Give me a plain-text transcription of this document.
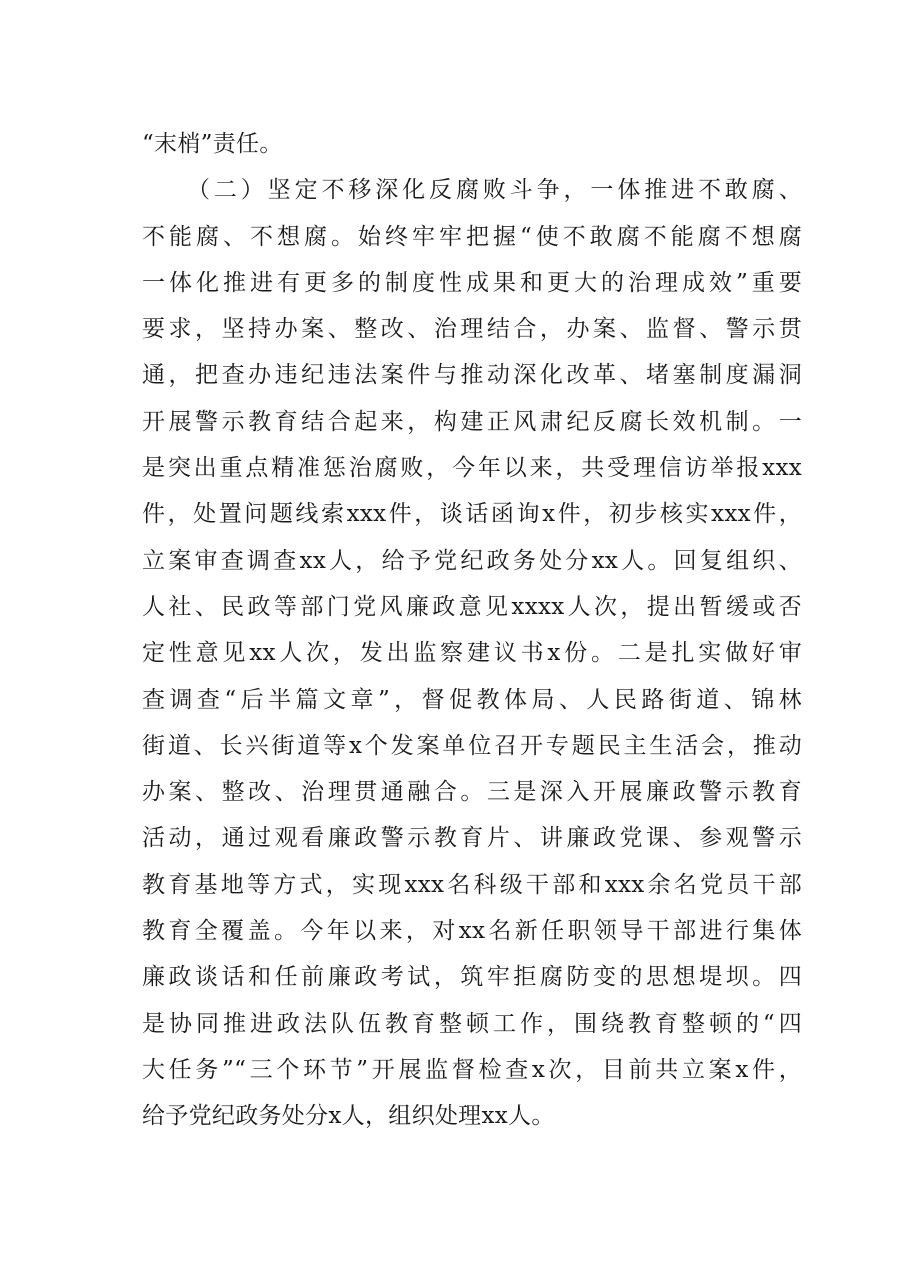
“末梢”责任。
（二）坚定不移深化反腐败斗争，一体推进不敢腐、
不能腐、不想腐。始终牢牢把握“使不敢腐不能腐不想腐
一体化推进有更多的制度性成果和更大的治理成效”重要
要求，坚持办案、整改、治理结合，办案、监督、警示贯
通，把查办违纪违法案件与推动深化改革、堵塞制度漏洞
开展警示教育结合起来，构建正风肃纪反腐长效机制。一
是突出重点精准惩治腐败，今年以来，共受理信访举报xxx
件，处置问题线索xxx件，谈话函询x件，初步核实xxx件，
立案审查调查xx人，给予党纪政务处分xx人。回复组织、
人社、民政等部门党风廉政意见xxxx人次，提出暂缓或否
定性意见xx人次，发出监察建议书x份。二是扎实做好审
查调查“后半篇文章”，督促教体局、人民路街道、锦林
街道、长兴街道等x个发案单位召开专题民主生活会，推动
办案、整改、治理贯通融合。三是深入开展廉政警示教育
活动，通过观看廉政警示教育片、讲廉政党课、参观警示
教育基地等方式，实现xxx名科级干部和xxx余名党员干部
教育全覆盖。今年以来，对xx名新任职领导干部进行集体
廉政谈话和任前廉政考试，筑牢拒腐防变的思想堤坝。四
是协同推进政法队伍教育整顿工作，围绕教育整顿的“四
大任务”“三个环节”开展监督检查x次，目前共立案x件，
给予党纪政务处分x人，组织处理xx人。
